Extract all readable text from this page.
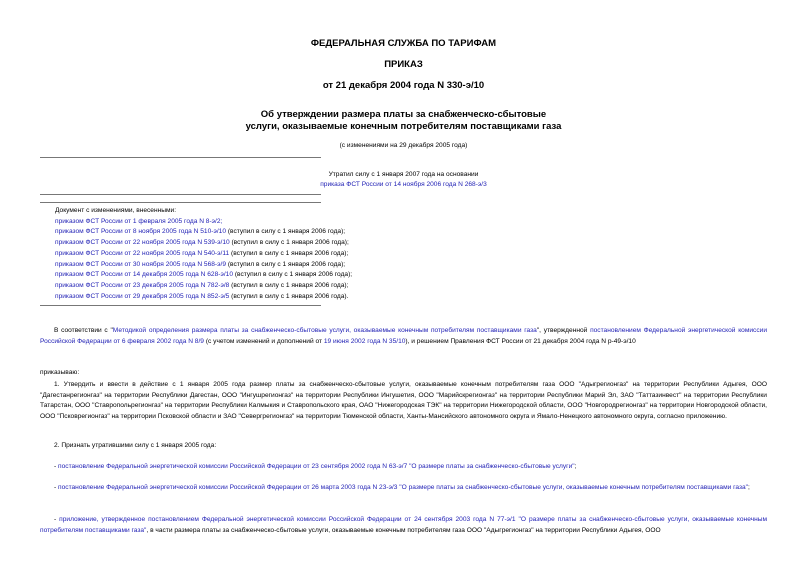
ФЕДЕРАЛЬНАЯ СЛУЖБА ПО ТАРИФАМ
ПРИКАЗ
от 21 декабря 2004 года N 330-э/10
Об утверждении размера платы за снабженческо-сбытовые
услуги, оказываемые конечным потребителям поставщиками газа
(с изменениями на 29 декабря 2005 года)
Утратил силу с 1 января 2007 года на основании
приказа ФСТ России от 14 ноября 2006 года N 268-э/3
Документ с изменениями, внесенными:
приказом ФСТ России от 1 февраля 2005 года N 8-э/2;
приказом ФСТ России от 8 ноября 2005 года N 510-э/10 (вступил в силу с 1 января 2006 года);
приказом ФСТ России от 22 ноября 2005 года N 539-э/10 (вступил в силу с 1 января 2006 года);
приказом ФСТ России от 22 ноября 2005 года N 540-э/11 (вступил в силу с 1 января 2006 года);
приказом ФСТ России от 30 ноября 2005 года N 568-э/9 (вступил в силу с 1 января 2006 года);
приказом ФСТ России от 14 декабря 2005 года N 628-э/10 (вступил в силу с 1 января 2006 года);
приказом ФСТ России от 23 декабря 2005 года N 782-э/8 (вступил в силу с 1 января 2006 года);
приказом ФСТ России от 29 декабря 2005 года N 852-э/5 (вступил в силу с 1 января 2006 года).
В соответствии с "Методикой определения размера платы за снабженческо-сбытовые услуги, оказываемые конечным потребителям поставщиками газа", утвержденной постановлением Федеральной энергетической комиссии Российской Федерации от 6 февраля 2002 года N 8/9 (с учетом изменений и дополнений от 19 июня 2002 года N 35/10), и решением Правления ФСТ России от 21 декабря 2004 года N р-49-э/10
приказываю:
1. Утвердить и ввести в действие с 1 января 2005 года размер платы за снабженческо-сбытовые услуги, оказываемые конечным потребителям газа ООО "Адыгрегионгаз" на территории Республики Адыгея, ООО "Дагестанрегионгаз" на территории Республики Дагестан, ООО "Ингушрегионгаз" на территории Республики Ингушетия, ООО "Марийскрегионгаз" на территории Республики Марий Эл, ЗАО "Таттазинвест" на территории Республики Татарстан, ООО "Ставропольрегионгаз" на территории Республики Калмыкия и Ставропольского края, ОАО "Нижегородская ТЭК" на территории Нижегородской области, ООО "Новгородрегионгаз" на территории Новгородской области, ООО "Псковрегионгаз" на территории Псковской области и ЗАО "Севергрегионгаз" на территории Тюменской области, Ханты-Мансийского автономного округа и Ямало-Ненецкого автономного округа, согласно приложению.
2. Признать утратившими силу с 1 января 2005 года:
- постановление Федеральной энергетической комиссии Российской Федерации от 23 сентября 2002 года N 63-э/7 "О размере платы за снабженческо-сбытовые услуги";
- постановление Федеральной энергетической комиссии Российской Федерации от 26 марта 2003 года N 23-э/3 "О размере платы за снабженческо-сбытовые услуги, оказываемые конечным потребителям поставщиками газа";
- приложение, утвержденное постановлением Федеральной энергетической комиссии Российской Федерации от 24 сентября 2003 года N 77-э/1 "О размере платы за снабженческо-сбытовые услуги, оказываемые конечным потребителям поставщиками газа", в части размера платы за снабженческо-сбытовые услуги, оказываемые конечным потребителям газа ООО "Адыгрегионгаз" на территории Республики Адыгея, ООО
